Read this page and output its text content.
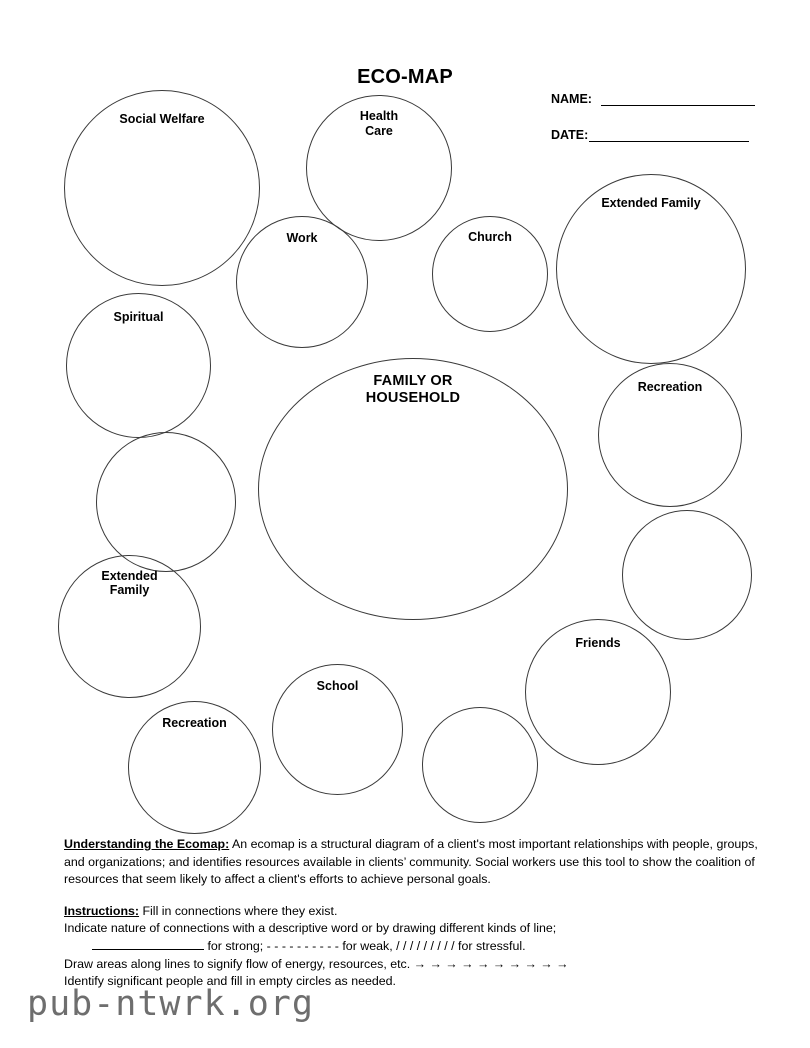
ECO-MAP
NAME:
DATE:
FAMILY OR
HOUSEHOLD
Social Welfare	Health
Care
Work	Church
Extended Family
Spiritual
Recreation
Extended
Family
Friends
School
Recreation

Understanding the Ecomap: An ecomap is a structural diagram of a client's most important relationships with people, groups, and organizations; and identifies resources available in clients’ community. Social workers use this tool to show the coalition of resources that seem likely to affect a client's efforts to achieve personal goals.

Instructions: Fill in connections where they exist.
Indicate nature of connections with a descriptive word or by drawing different kinds of line;
for strong; - - - - - - - - - - for weak, / / / / / / / / / for stressful.
Draw areas along lines to signify flow of energy, resources, etc. → → → → → → → → → →
Identify significant people and fill in empty circles as needed.
pub-ntwrk.org
